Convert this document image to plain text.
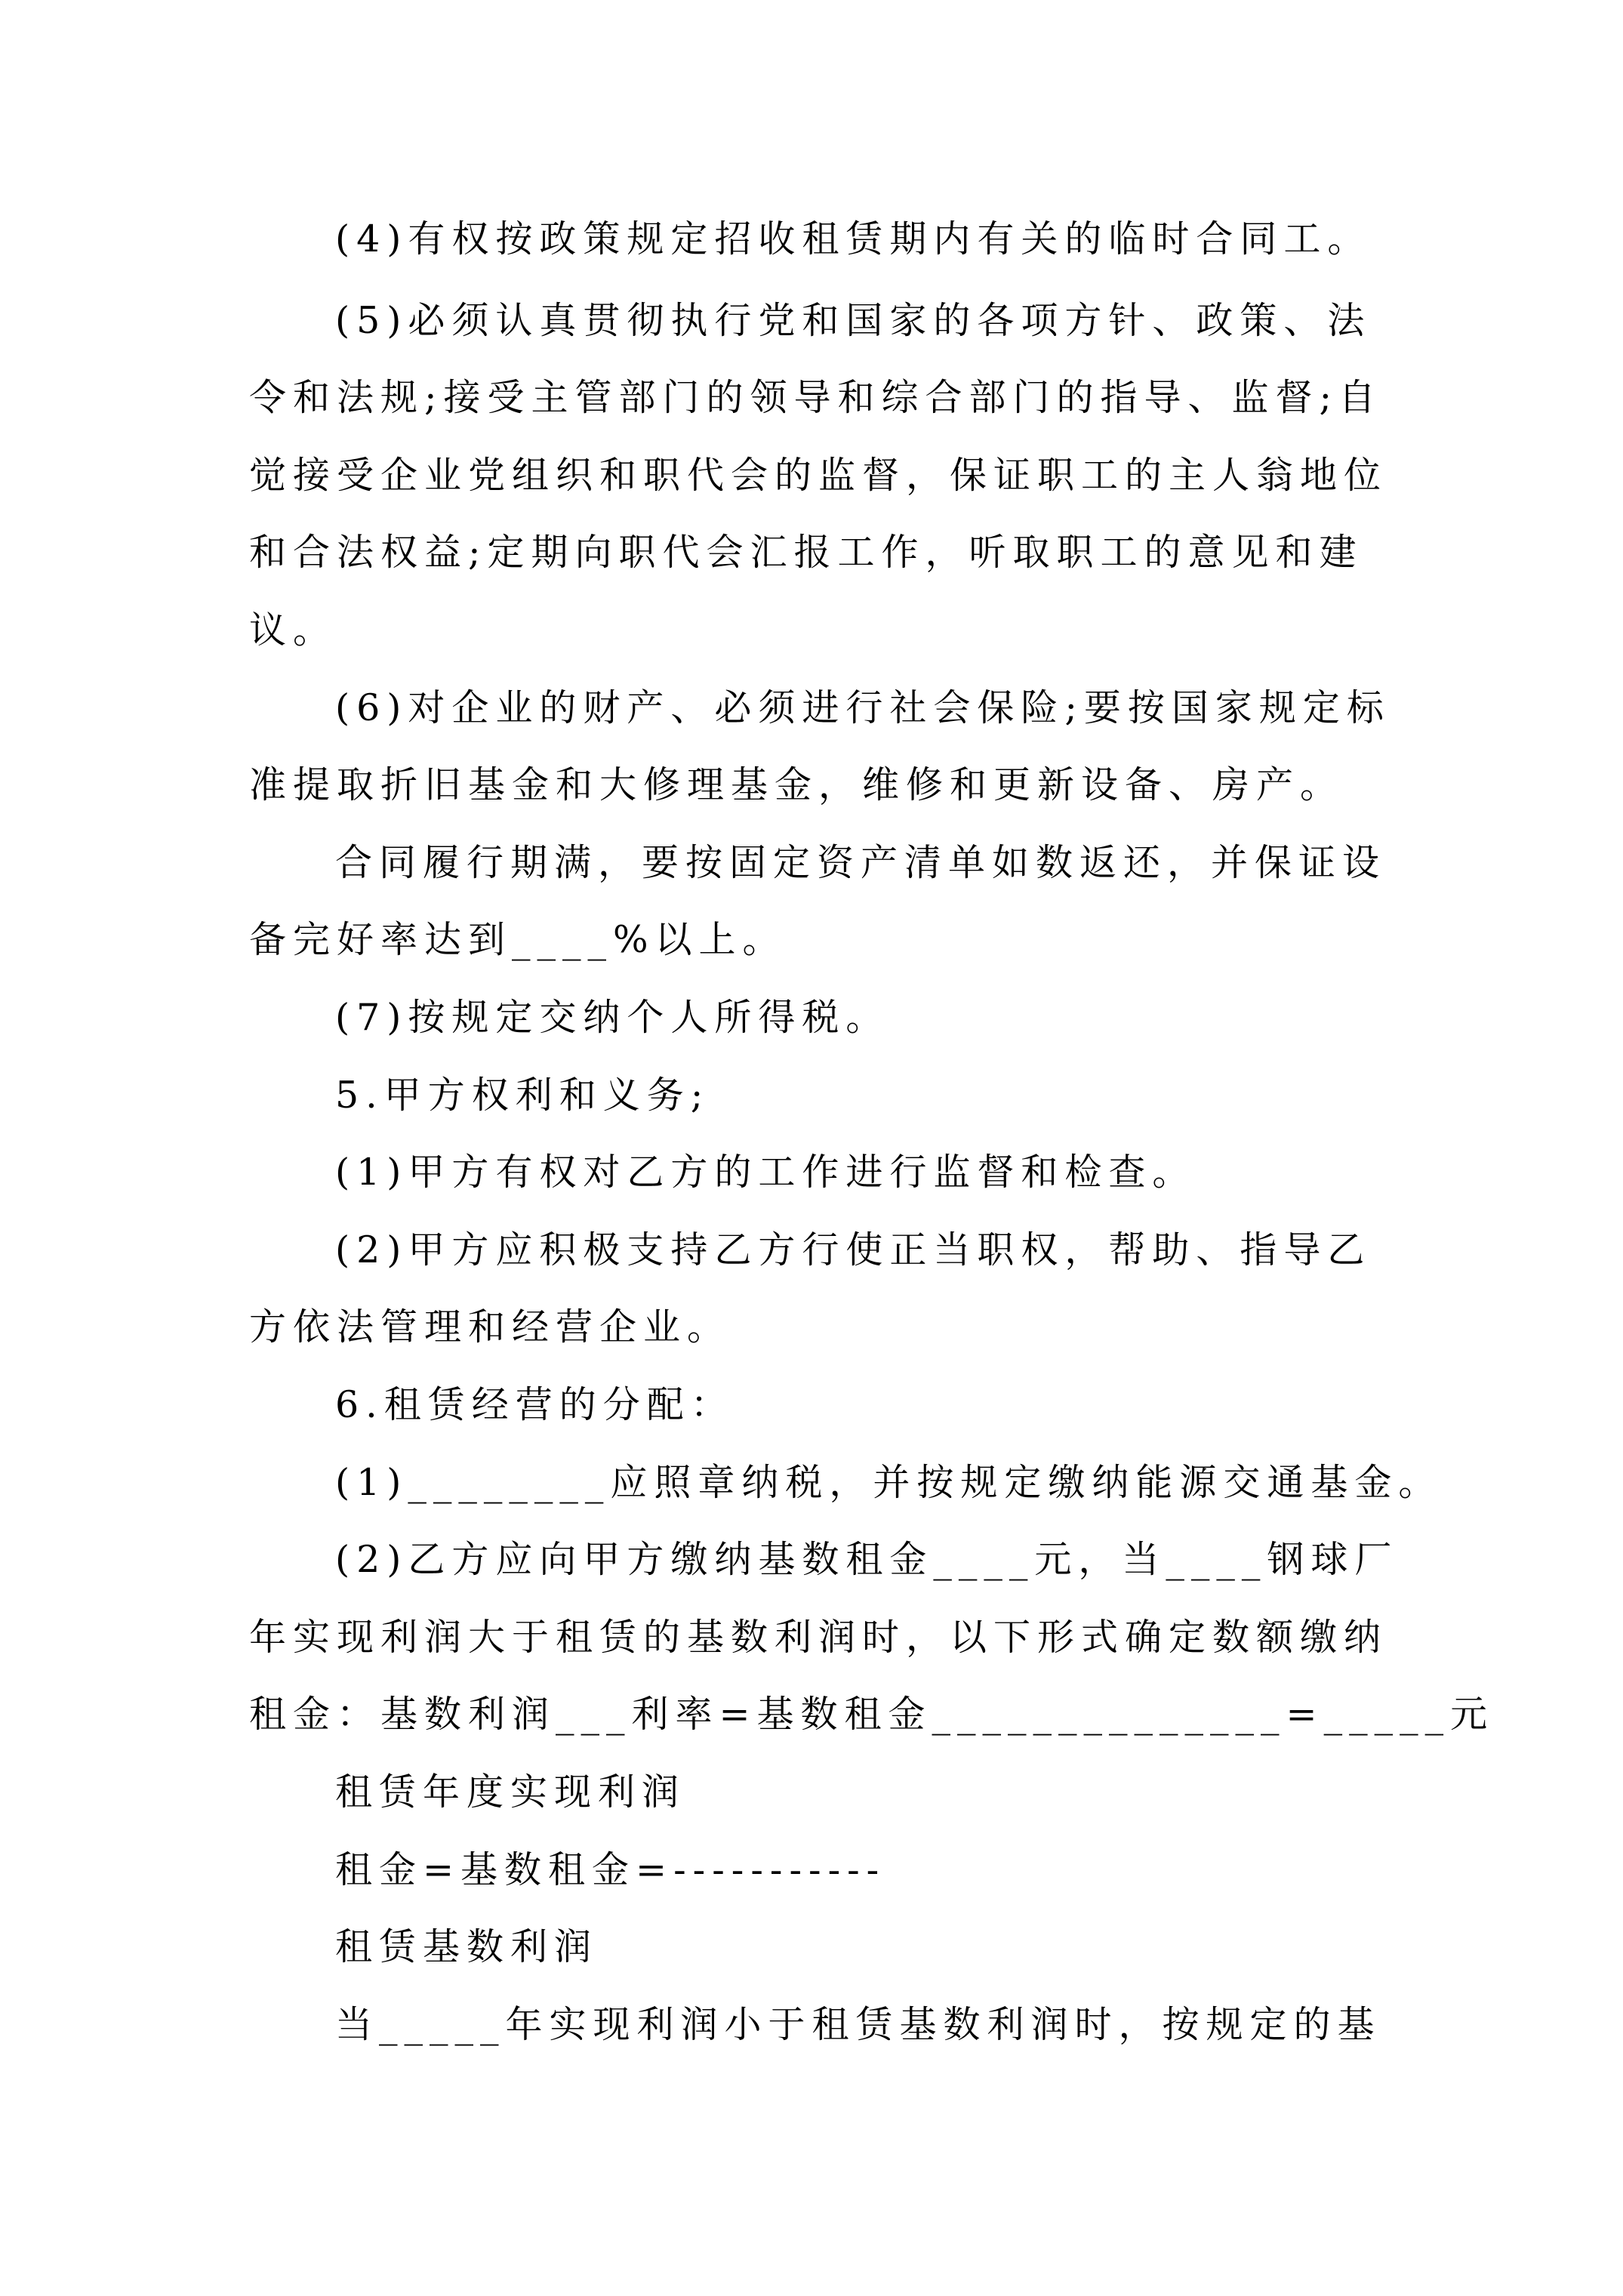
(4)有权按政策规定招收租赁期内有关的临时合同工。
(5)必须认真贯彻执行党和国家的各项方针、政策、法
令和法规;接受主管部门的领导和综合部门的指导、监督;自
觉接受企业党组织和职代会的监督，保证职工的主人翁地位
和合法权益;定期向职代会汇报工作，听取职工的意见和建
议。
(6)对企业的财产、必须进行社会保险;要按国家规定标
准提取折旧基金和大修理基金，维修和更新设备、房产。
合同履行期满，要按固定资产清单如数返还，并保证设
备完好率达到____%以上。
(7)按规定交纳个人所得税。
5.甲方权利和义务;
(1)甲方有权对乙方的工作进行监督和检查。
(2)甲方应积极支持乙方行使正当职权，帮助、指导乙
方依法管理和经营企业。
6.租赁经营的分配：
(1)________应照章纳税，并按规定缴纳能源交通基金。
(2)乙方应向甲方缴纳基数租金____元，当____钢球厂
年实现利润大于租赁的基数利润时，以下形式确定数额缴纳
租金：基数利润___利率=基数租金______________=_____元
租赁年度实现利润
租金=基数租金=-----------
租赁基数利润
当_____年实现利润小于租赁基数利润时，按规定的基
